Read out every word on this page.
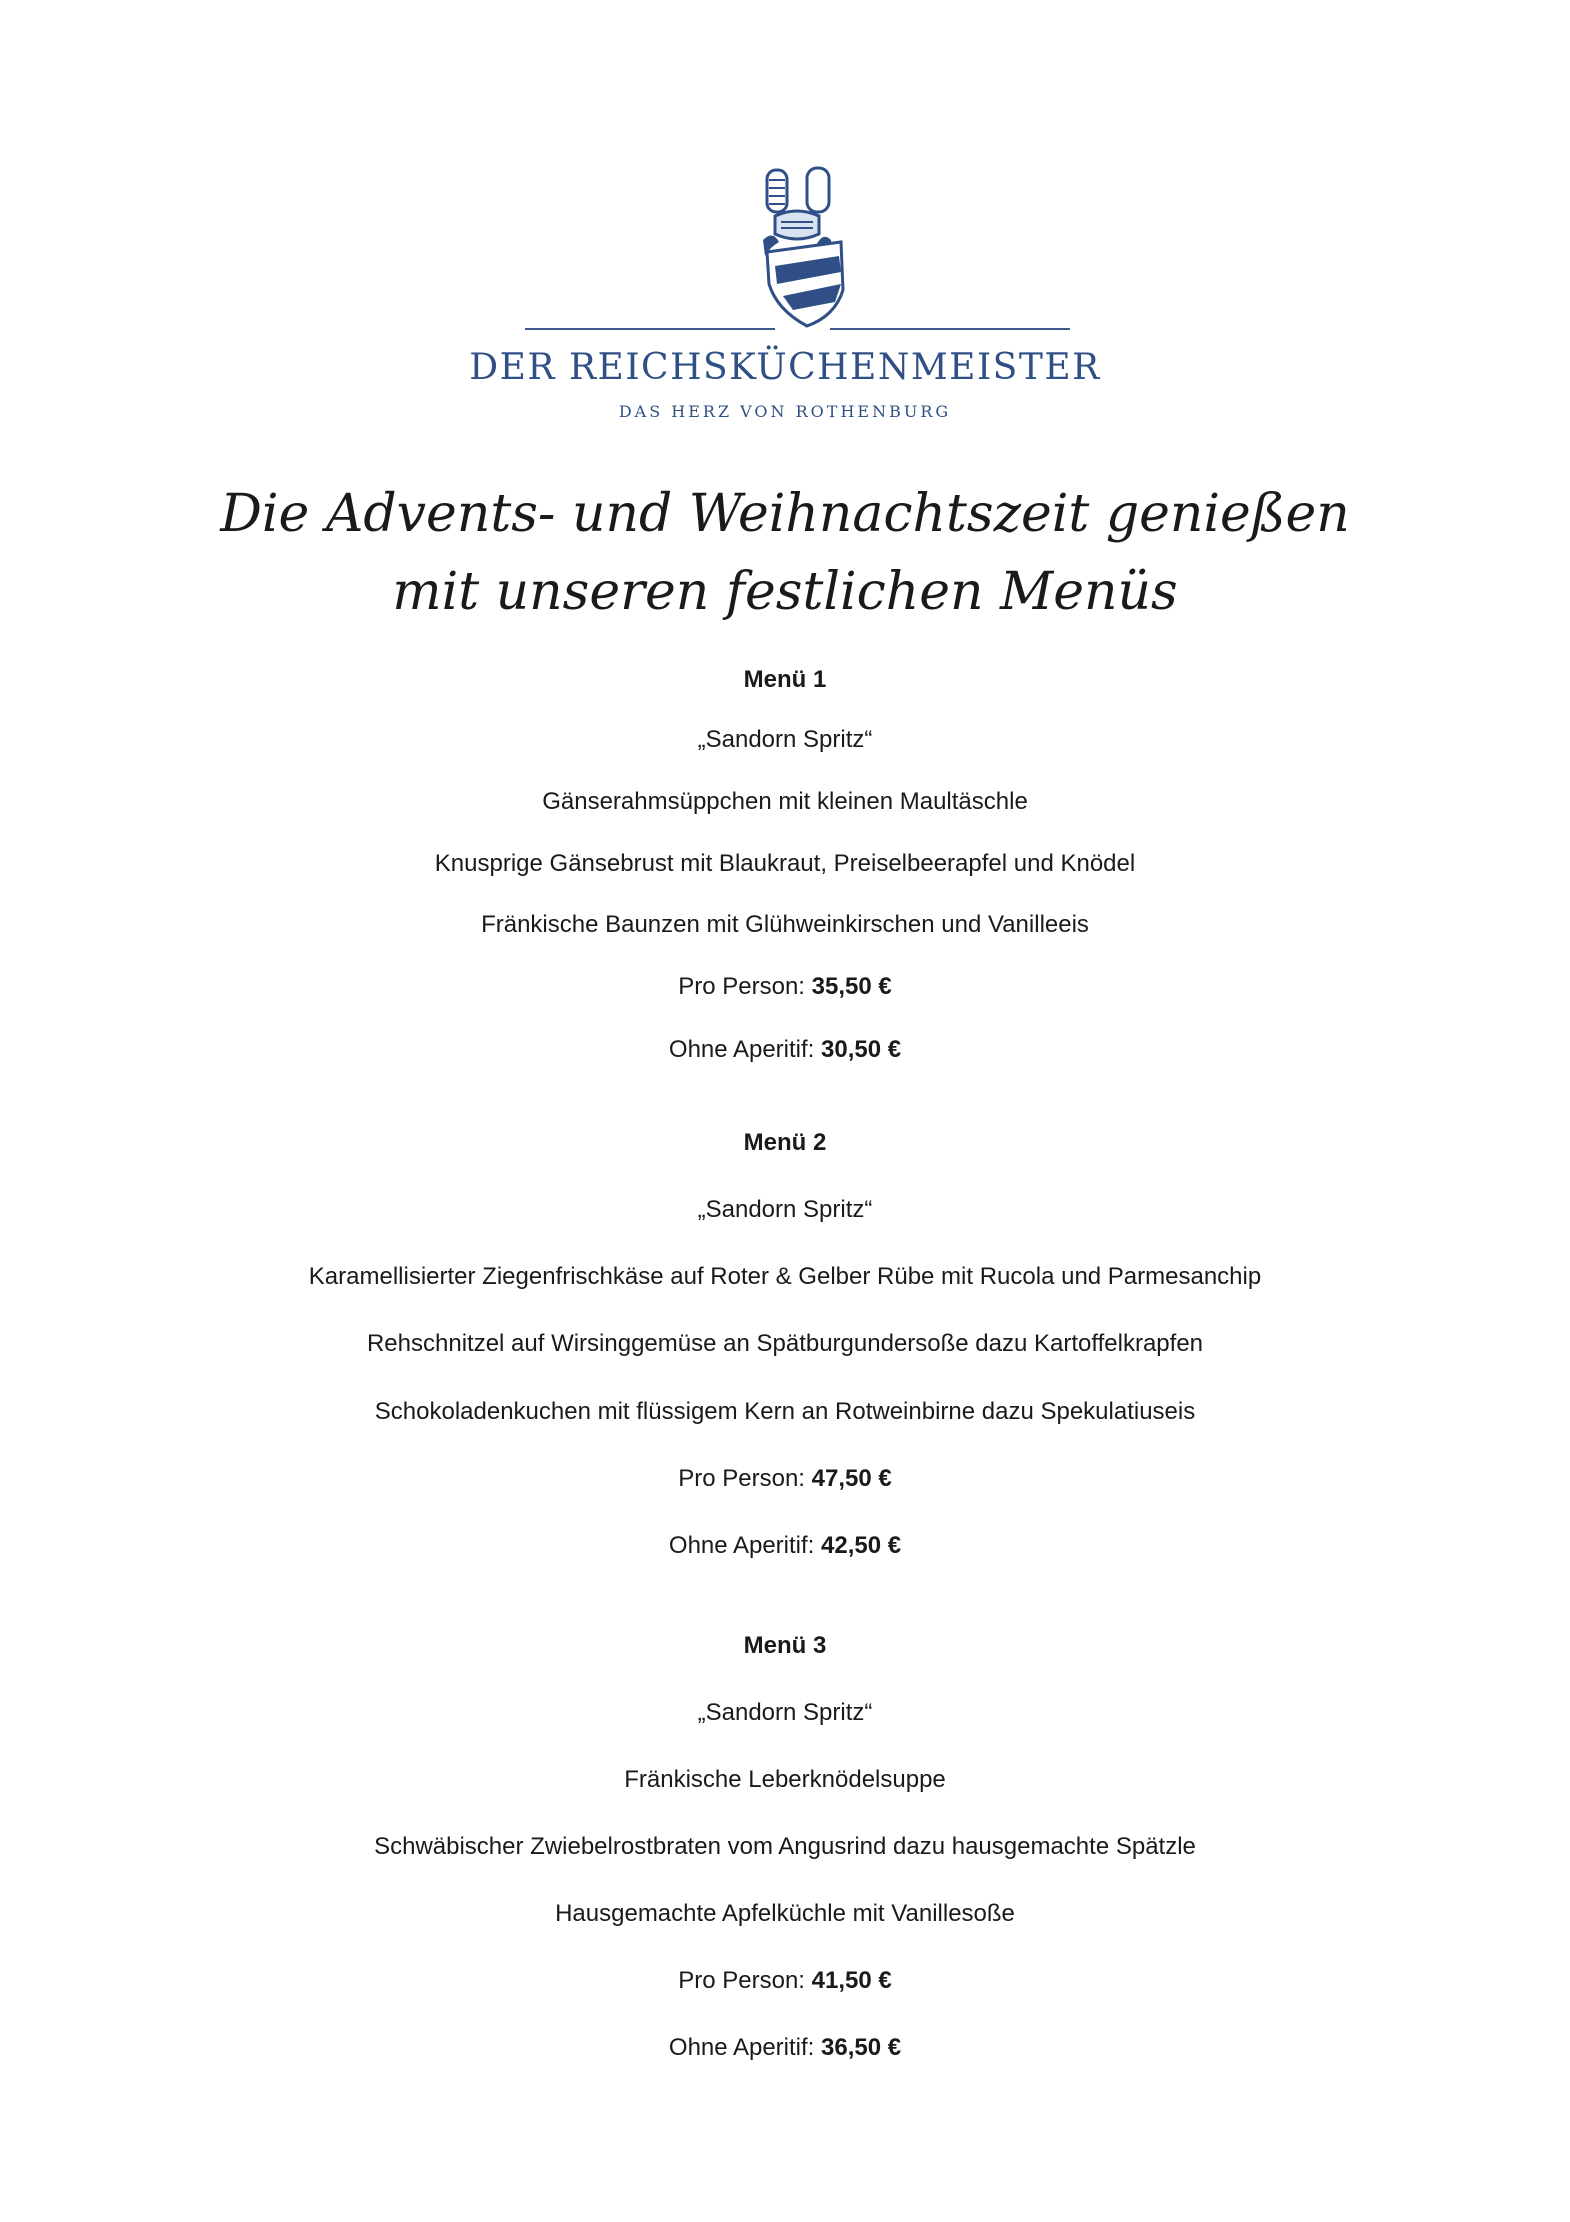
DER REICHSKÜCHENMEISTER
DAS HERZ VON ROTHENBURG
Die Advents- und Weihnachtszeit genießen
mit unseren festlichen Menüs
Menü 1
„Sandorn Spritz“
Gänserahmsüppchen mit kleinen Maultäschle
Knusprige Gänsebrust mit Blaukraut, Preiselbeerapfel und Knödel
Fränkische Baunzen mit Glühweinkirschen und Vanilleeis
Pro Person: 35,50 €
Ohne Aperitif: 30,50 €
Menü 2
„Sandorn Spritz“
Karamellisierter Ziegenfrischkäse auf Roter & Gelber Rübe mit Rucola und Parmesanchip
Rehschnitzel auf Wirsinggemüse an Spätburgundersoße dazu Kartoffelkrapfen
Schokoladenkuchen mit flüssigem Kern an Rotweinbirne dazu Spekulatiuseis
Pro Person: 47,50 €
Ohne Aperitif: 42,50 €
Menü 3
„Sandorn Spritz“
Fränkische Leberknödelsuppe
Schwäbischer Zwiebelrostbraten vom Angusrind dazu hausgemachte Spätzle
Hausgemachte Apfelküchle mit Vanillesoße
Pro Person: 41,50 €
Ohne Aperitif: 36,50 €
